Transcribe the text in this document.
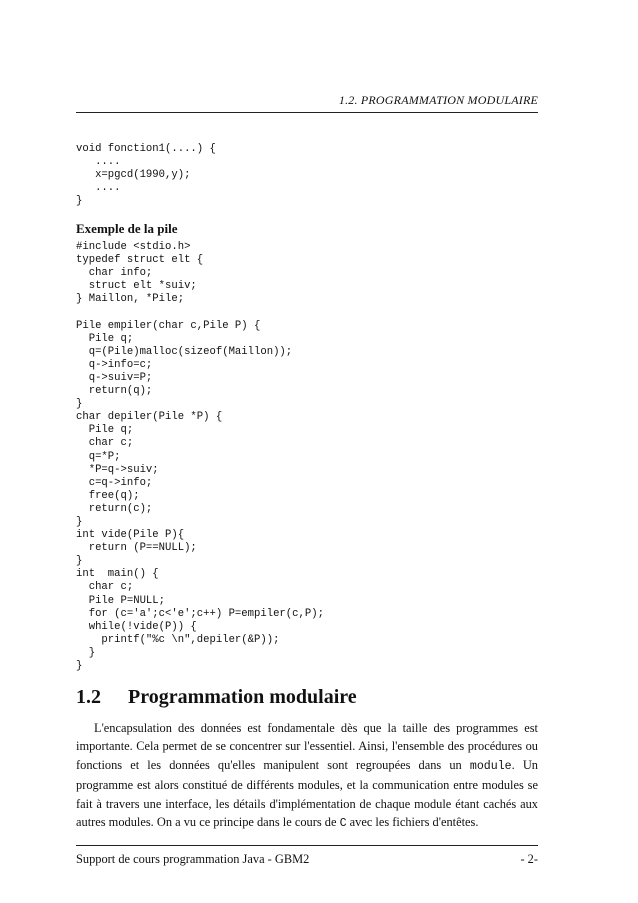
1.2. PROGRAMMATION MODULAIRE
void fonction1(....) {
....
x=pgcd(1990,y);
....
}
Exemple de la pile
#include <stdio.h>
typedef struct elt {
char info;
struct elt *suiv;
} Maillon, *Pile;

Pile empiler(char c,Pile P) {
Pile q;
q=(Pile)malloc(sizeof(Maillon));
q->info=c;
q->suiv=P;
return(q);
}
char depiler(Pile *P) {
Pile q;
char c;
q=*P;
*P=q->suiv;
c=q->info;
free(q);
return(c);
}
int vide(Pile P){
return (P==NULL);
}
int  main() {
char c;
Pile P=NULL;
for (c='a';c<'e';c++) P=empiler(c,P);
while(!vide(P)) {
printf("%c \n",depiler(&P));
}
}
1.2 Programmation modulaire
L'encapsulation des données est fondamentale dès que la taille des programmes est importante. Cela permet de se concentrer sur l'essentiel. Ainsi, l'ensemble des procédures ou fonctions et les données qu'elles manipulent sont regroupées dans un module. Un programme est alors constitué de différents modules, et la communication entre modules se fait à travers une interface, les détails d'implémentation de chaque module étant cachés aux autres modules. On a vu ce principe dans le cours de C avec les fichiers d'entêtes.
Support de cours programmation Java - GBM2	- 2-
